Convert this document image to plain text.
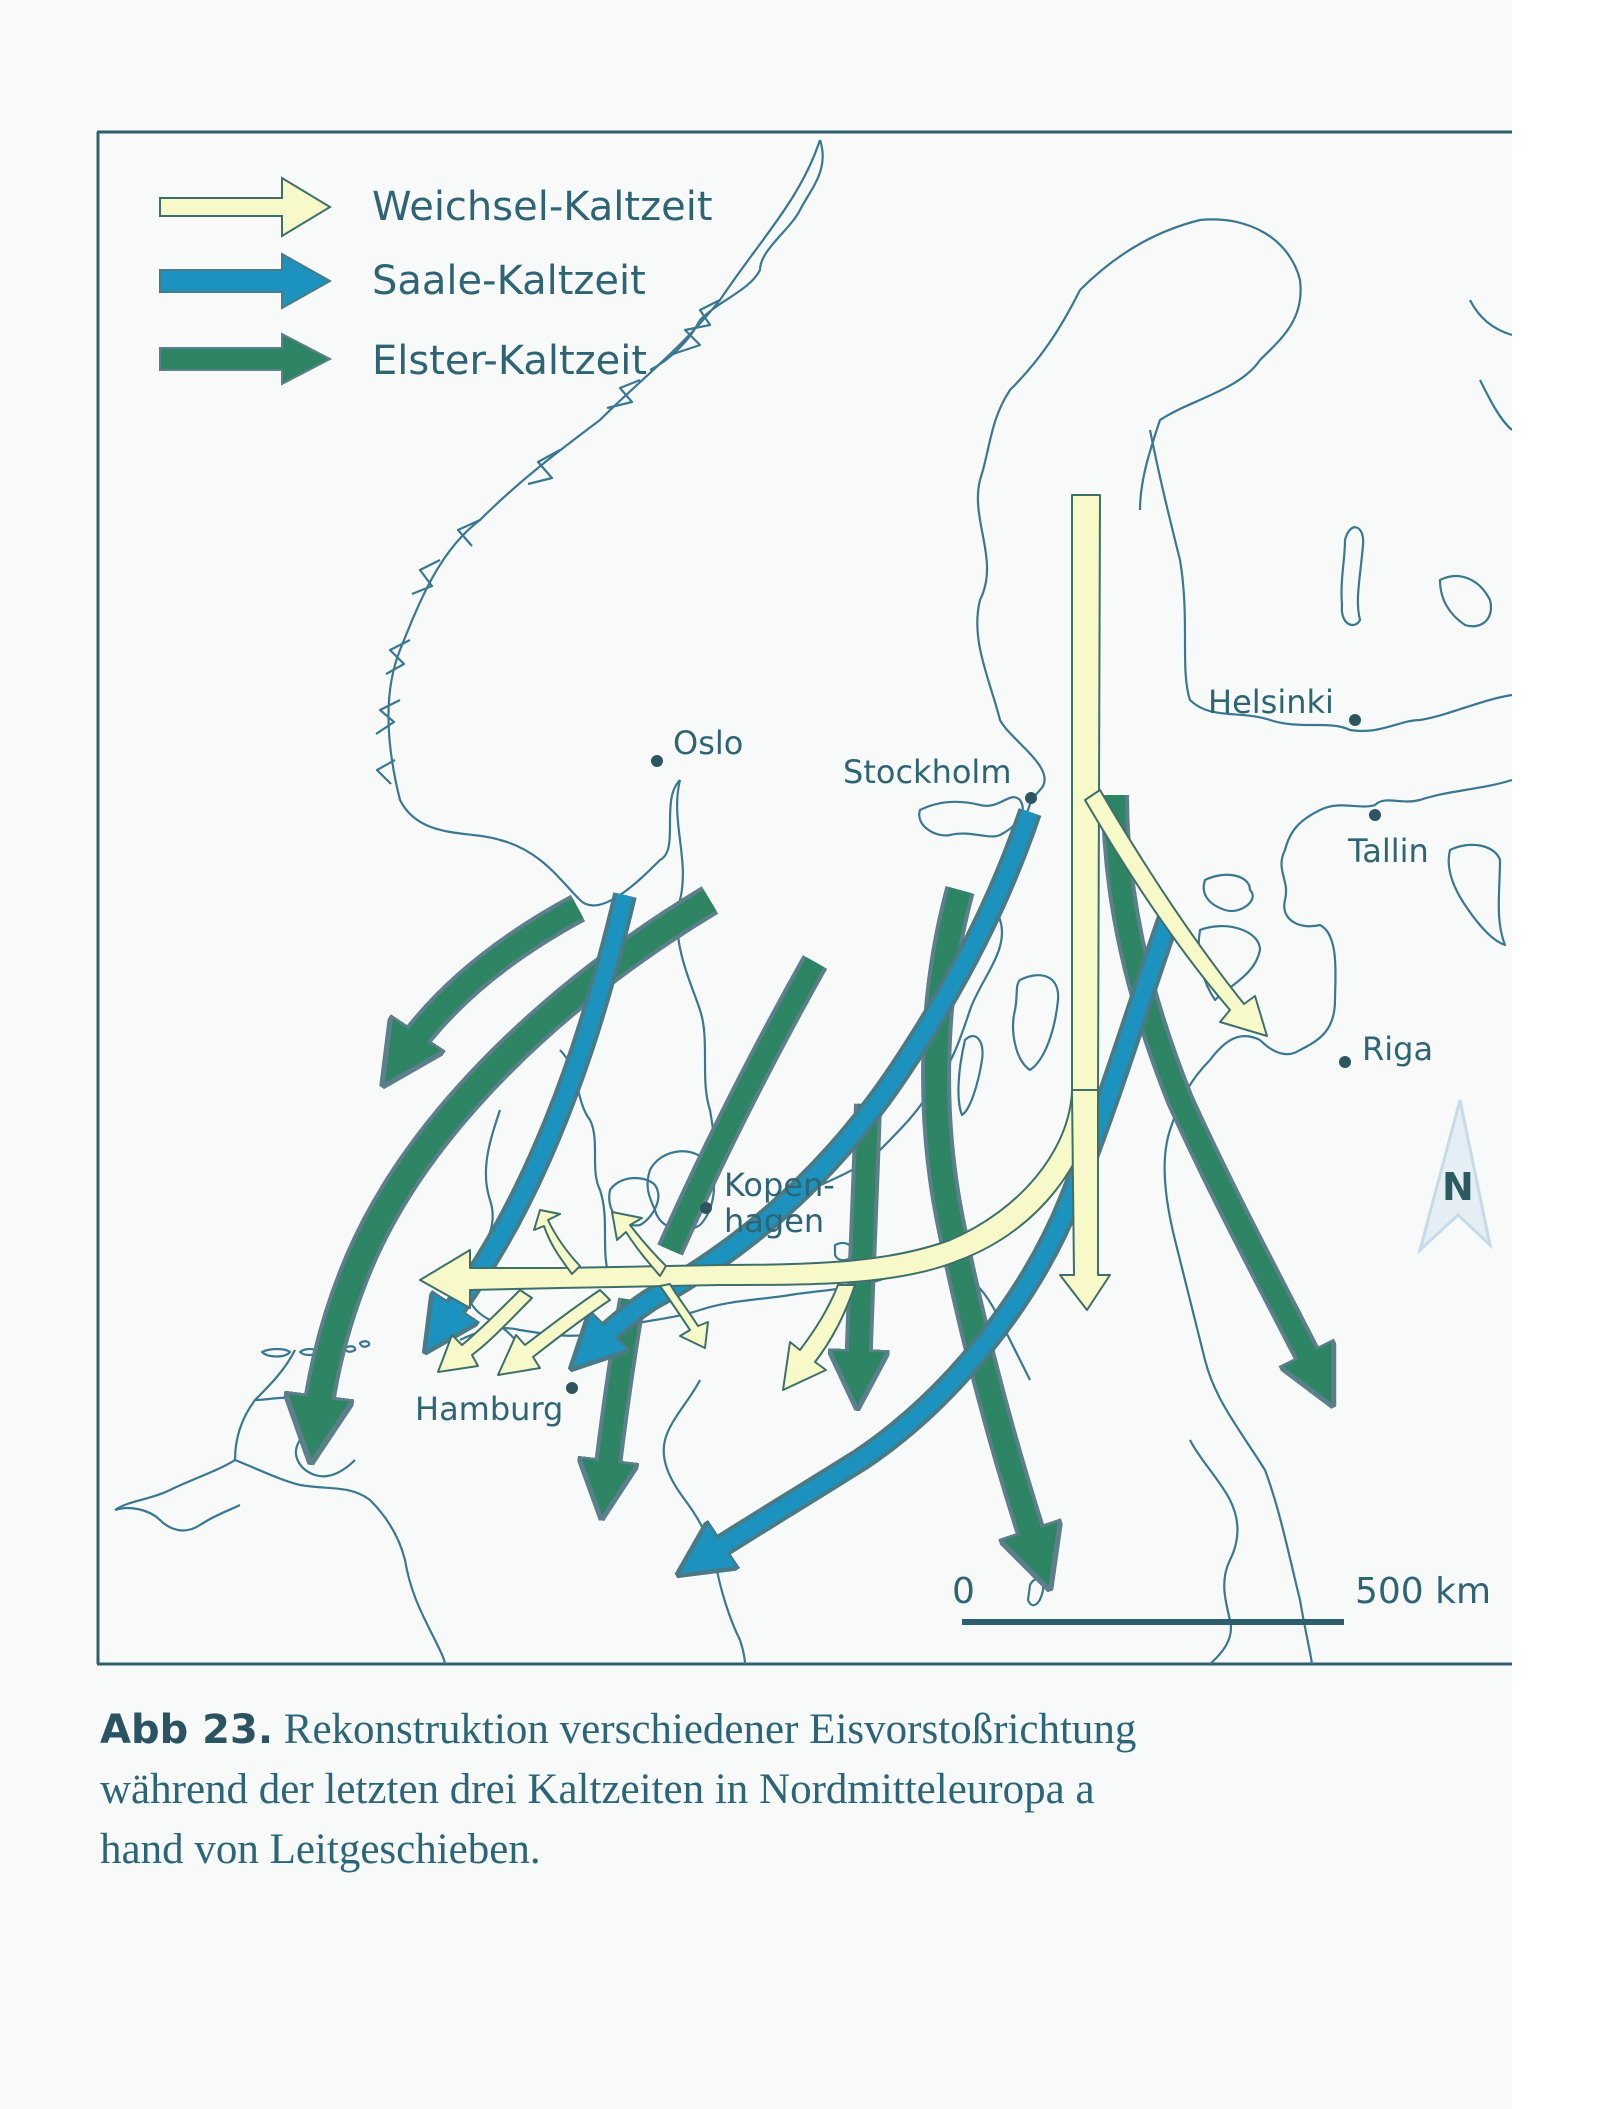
Weichsel-Kaltzeit
Saale-Kaltzeit
Elster-Kaltzeit
Oslo
Stockholm
Helsinki
Tallin
Riga
Kopen-
hagen
Hamburg
N
0	500 km
Abb 23. Rekonstruktion verschiedener Eisvorstoßrichtung
während der letzten drei Kaltzeiten in Nordmitteleuropa a
hand von Leitgeschieben.
